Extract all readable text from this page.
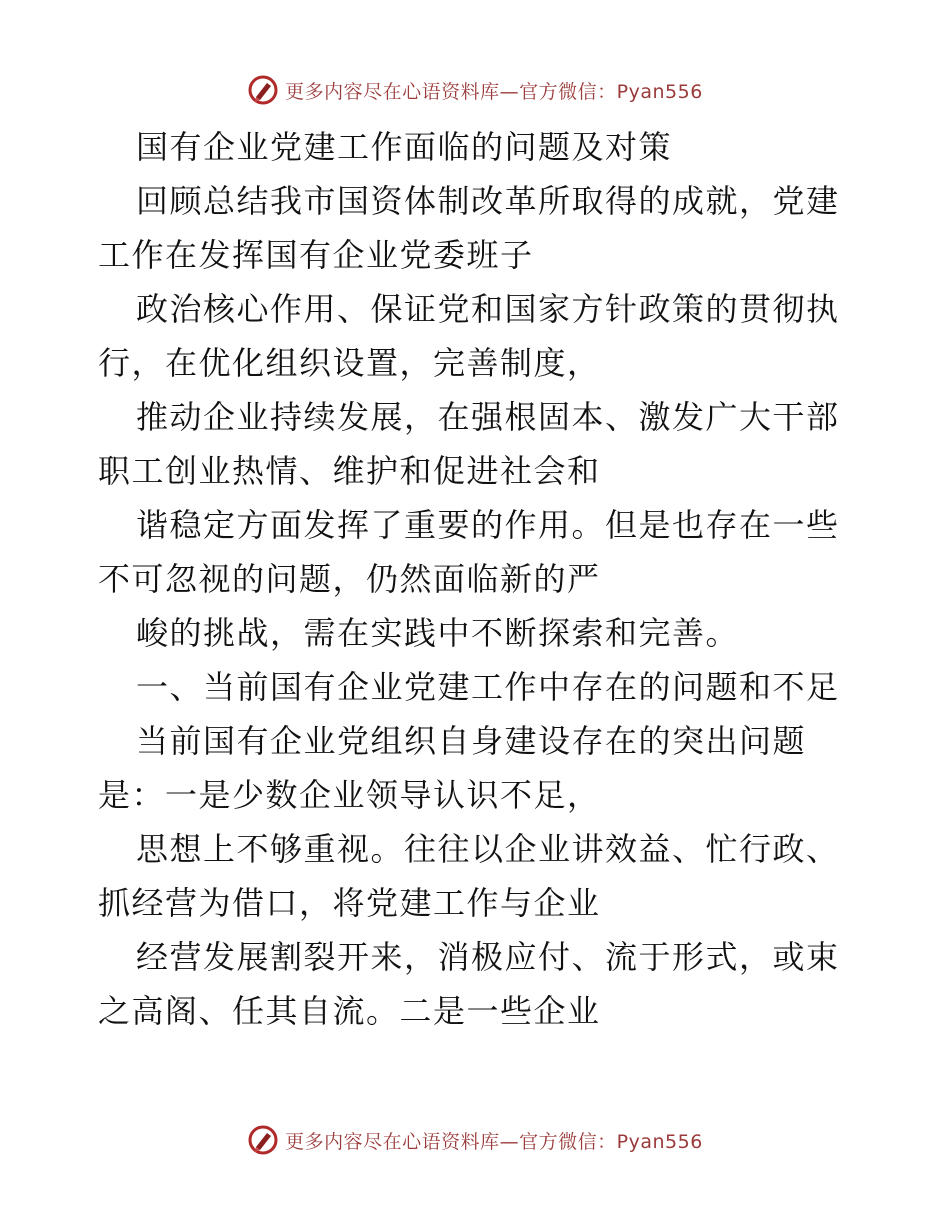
更多内容尽在心语资料库—官方微信：Pyan556

国有企业党建工作面临的问题及对策

回顾总结我市国资体制改革所取得的成就，党建

工作在发挥国有企业党委班子

政治核心作用、保证党和国家方针政策的贯彻执

行，在优化组织设置，完善制度，

推动企业持续发展，在强根固本、激发广大干部

职工创业热情、维护和促进社会和

谐稳定方面发挥了重要的作用。但是也存在一些

不可忽视的问题，仍然面临新的严

峻的挑战，需在实践中不断探索和完善。

一、当前国有企业党建工作中存在的问题和不足

当前国有企业党组织自身建设存在的突出问题

是：一是少数企业领导认识不足，

思想上不够重视。往往以企业讲效益、忙行政、

抓经营为借口，将党建工作与企业

经营发展割裂开来，消极应付、流于形式，或束

之高阁、任其自流。二是一些企业

更多内容尽在心语资料库—官方微信：Pyan556
